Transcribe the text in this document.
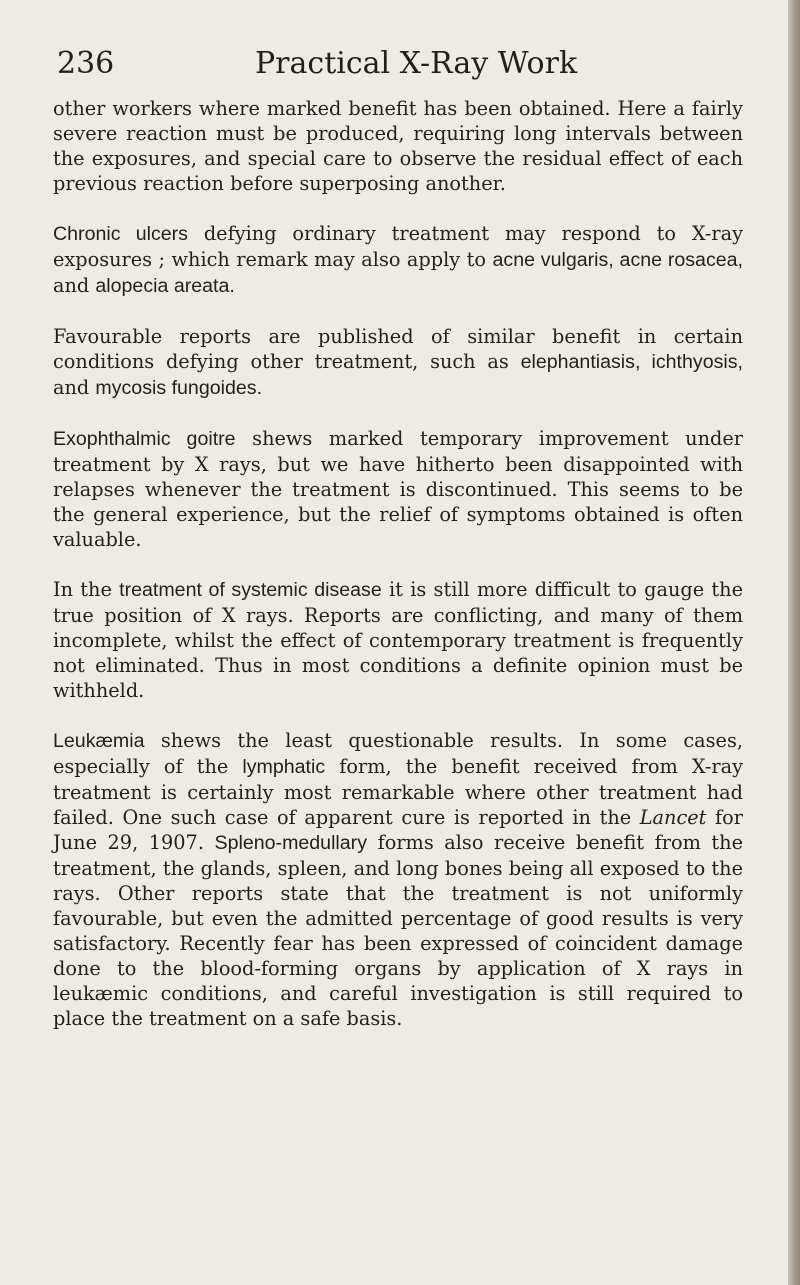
236	Practical X-Ray Work

other workers where marked benefit has been obtained. Here a fairly severe reaction must be produced, requiring long intervals between the exposures, and special care to observe the residual effect of each previous reaction before superposing another.

Chronic ulcers defying ordinary treatment may respond to X-ray exposures ; which remark may also apply to acne vulgaris, acne rosacea, and alopecia areata.

Favourable reports are published of similar benefit in certain conditions defying other treatment, such as elephantiasis, ichthyosis, and mycosis fungoides.

Exophthalmic goitre shews marked temporary improvement under treatment by X rays, but we have hitherto been disappointed with relapses whenever the treatment is discontinued. This seems to be the general experience, but the relief of symptoms obtained is often valuable.

In the treatment of systemic disease it is still more difficult to gauge the true position of X rays. Reports are conflicting, and many of them incomplete, whilst the effect of contemporary treatment is frequently not eliminated. Thus in most conditions a definite opinion must be withheld.

Leukæmia shews the least questionable results. In some cases, especially of the lymphatic form, the benefit received from X-ray treatment is certainly most remarkable where other treatment had failed. One such case of apparent cure is reported in the Lancet for June 29, 1907. Spleno-medullary forms also receive benefit from the treatment, the glands, spleen, and long bones being all exposed to the rays. Other reports state that the treatment is not uniformly favourable, but even the admitted percentage of good results is very satisfactory. Recently fear has been expressed of coincident damage done to the blood-forming organs by application of X rays in leukæmic conditions, and careful investigation is still required to place the treatment on a safe basis.
